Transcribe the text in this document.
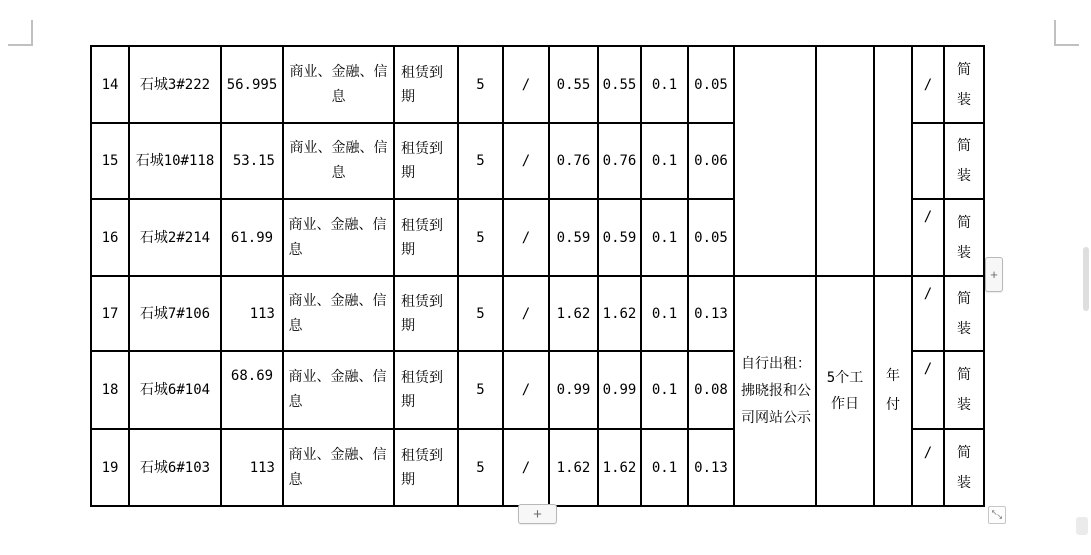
14	石城3#222	56.995	商业、金融、信息	租赁到期	5	/	0.55	0.55	0.1	0.05				/	简装
15	石城10#118	53.15	商业、金融、信息	租赁到期	5	/	0.76	0.76	0.1	0.06					简装
16	石城2#214	61.99	商业、金融、信息	租赁到期	5	/	0.59	0.59	0.1	0.05				/	简装
17	石城7#106	113	商业、金融、信息	租赁到期	5	/	1.62	1.62	0.1	0.13	自行出租：拂晓报和公司网站公示	5个工作日	年付	/	简装
18	石城6#104	68.69	商业、金融、信息	租赁到期	5	/	0.99	0.99	0.1	0.08				/	简装
19	石城6#103	113	商业、金融、信息	租赁到期	5	/	1.62	1.62	0.1	0.13				/	简装
+
+
↖
↘
